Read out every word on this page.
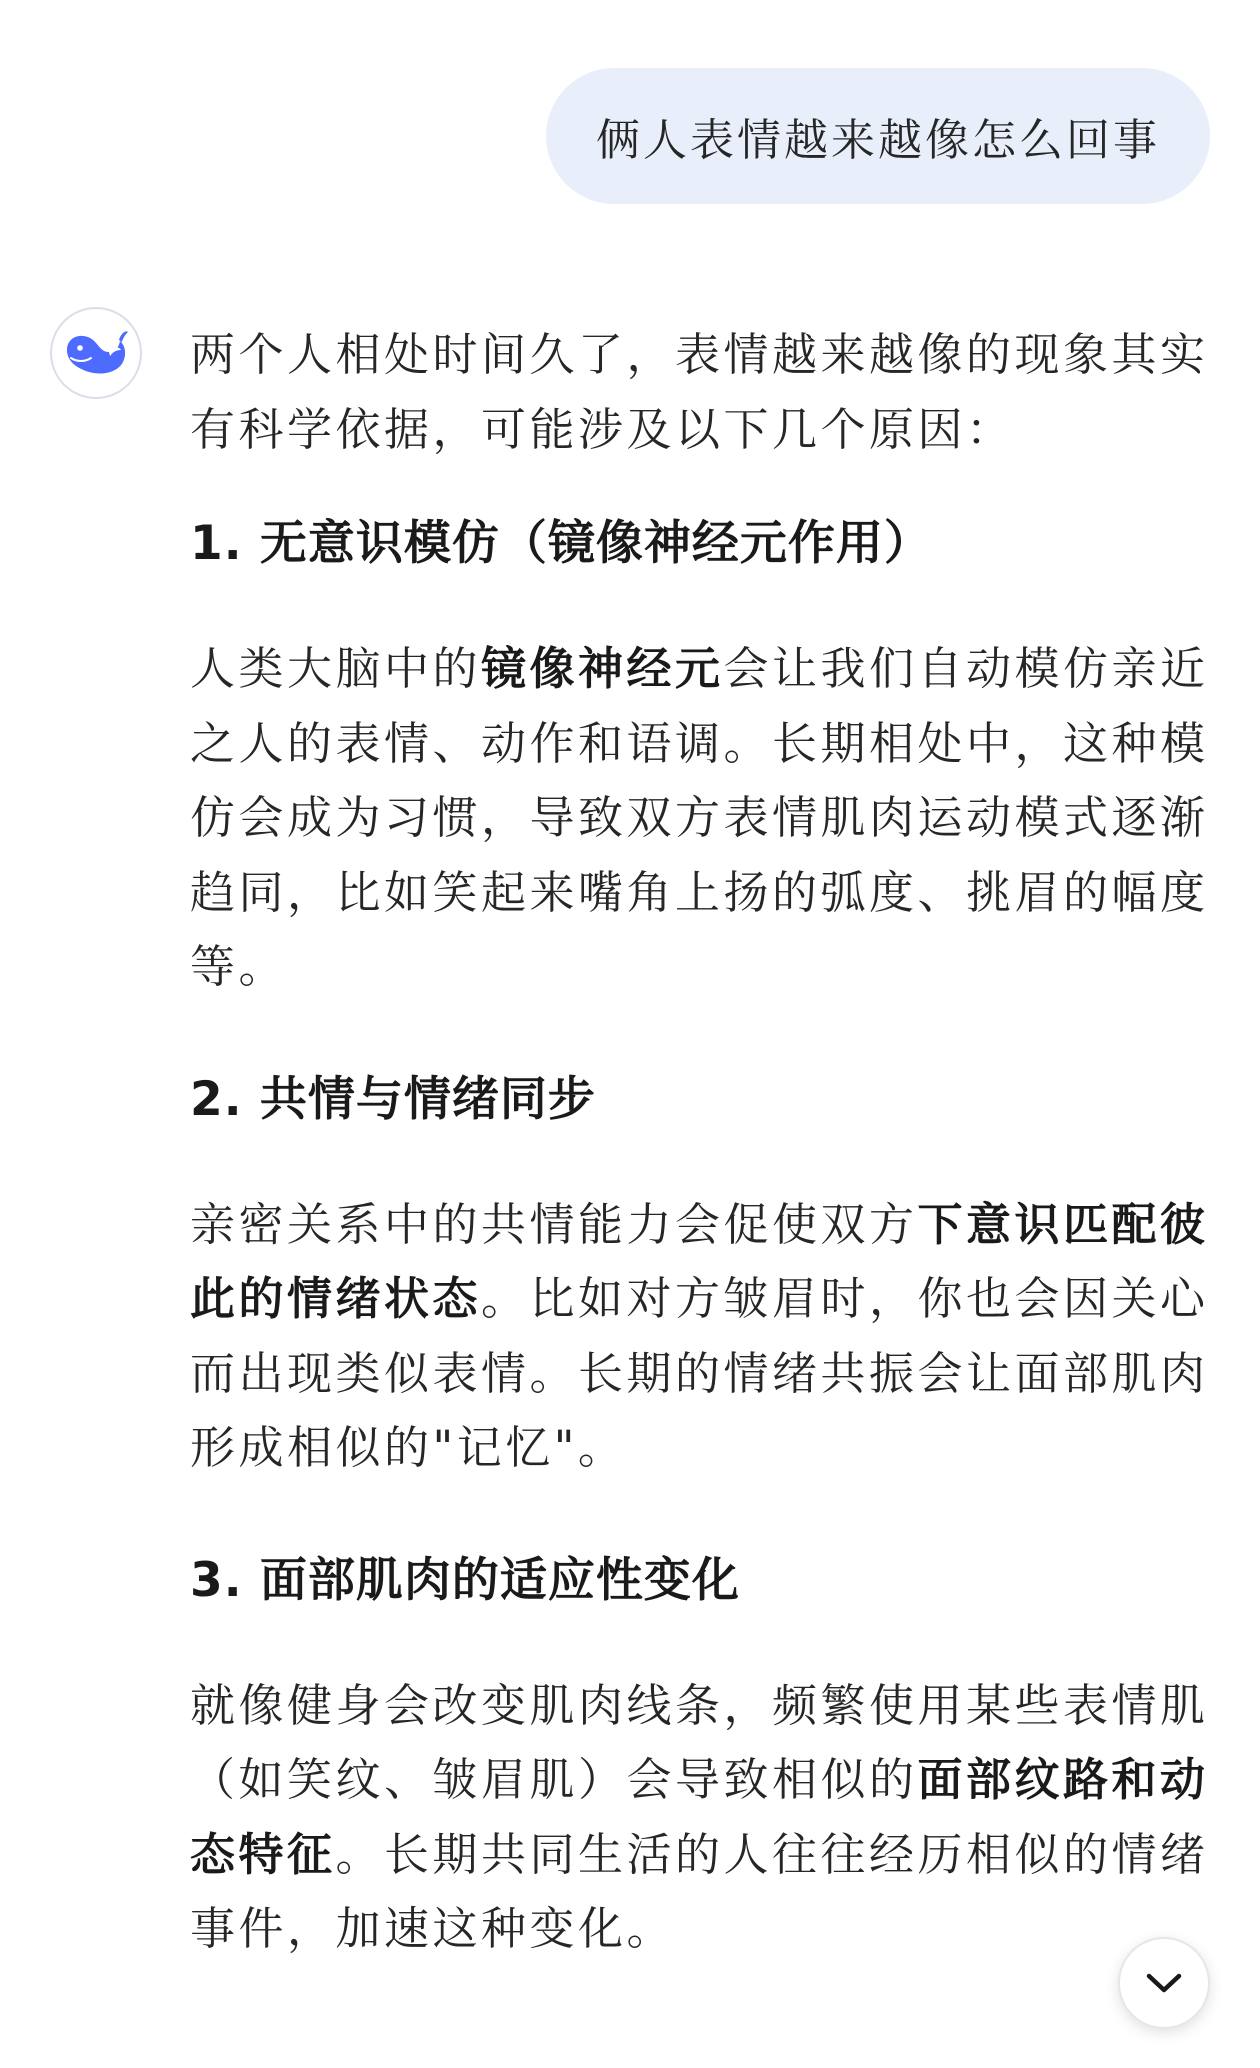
俩人表情越来越像怎么回事

两个人相处时间久了，表情越来越像的现象其实有科学依据，可能涉及以下几个原因：

1. 无意识模仿（镜像神经元作用）

人类大脑中的镜像神经元会让我们自动模仿亲近之人的表情、动作和语调。长期相处中，这种模仿会成为习惯，导致双方表情肌肉运动模式逐渐趋同，比如笑起来嘴角上扬的弧度、挑眉的幅度等。

2. 共情与情绪同步

亲密关系中的共情能力会促使双方下意识匹配彼此的情绪状态。比如对方皱眉时，你也会因关心而出现类似表情。长期的情绪共振会让面部肌肉形成相似的"记忆"。

3. 面部肌肉的适应性变化

就像健身会改变肌肉线条，频繁使用某些表情肌（如笑纹、皱眉肌）会导致相似的面部纹路和动态特征。长期共同生活的人往往经历相似的情绪事件，加速这种变化。
